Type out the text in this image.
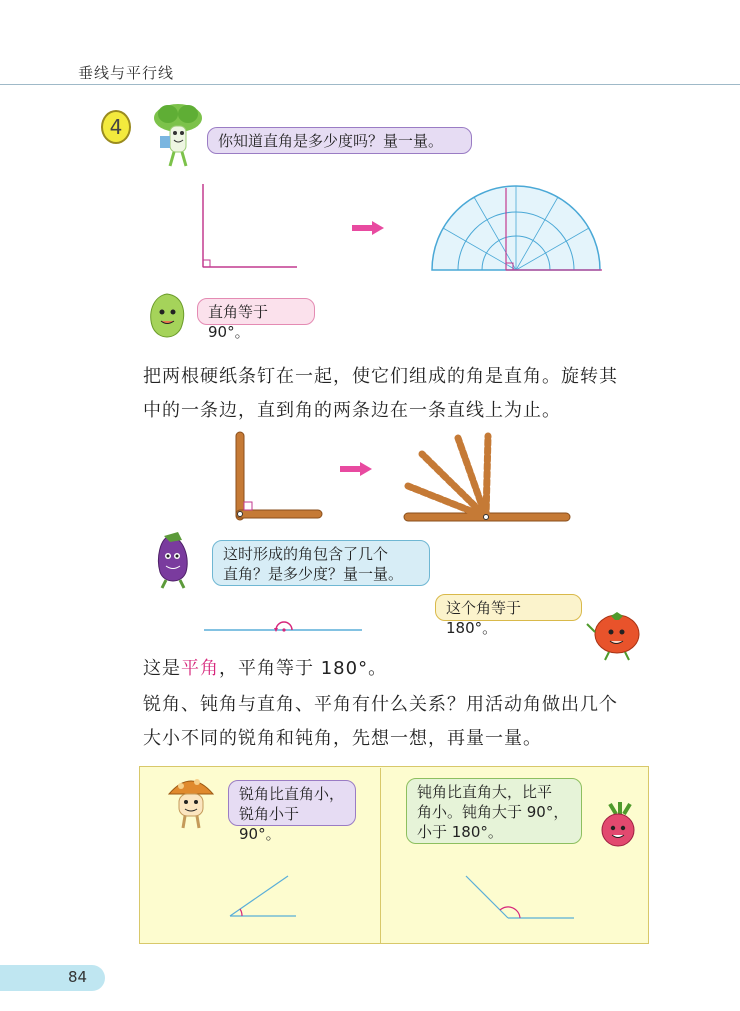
垂线与平行线
4
你知道直角是多少度吗？量一量。
直角等于 90°。
把两根硬纸条钉在一起，使它们组成的角是直角。旋转其
中的一条边，直到角的两条边在一条直线上为止。
这时形成的角包含了几个
直角？是多少度？量一量。
这个角等于 180°。
这是平角，平角等于 180°。
锐角、钝角与直角、平角有什么关系？用活动角做出几个
大小不同的锐角和钝角，先想一想，再量一量。
锐角比直角小，
锐角小于 90°。
钝角比直角大，比平
角小。钝角大于 90°，
小于 180°。
84
